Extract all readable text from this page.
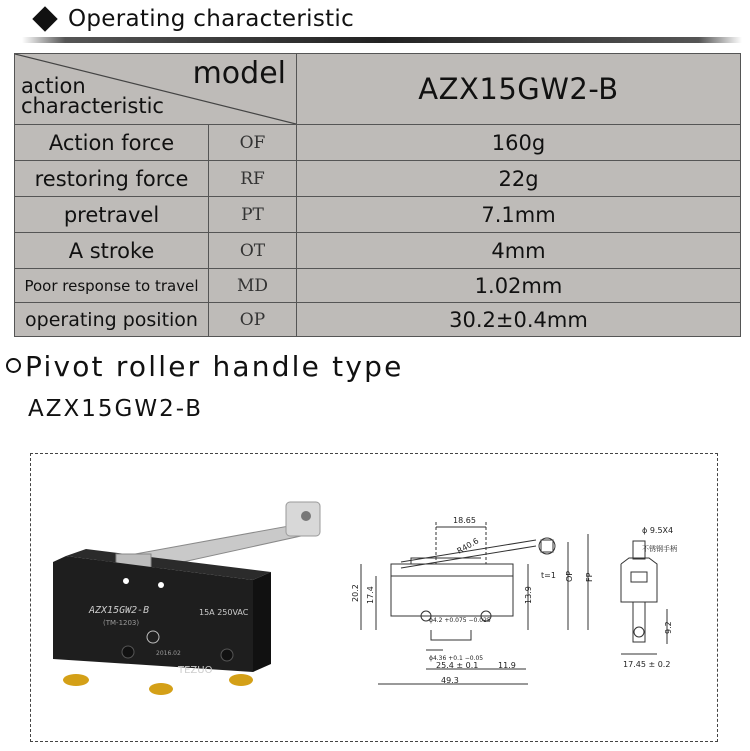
Operating characteristic
model
action
characteristic		AZX15GW2-B
Action force	OF	160g
restoring force	RF	22g
pretravel	PT	7.1mm
A stroke	OT	4mm
Poor response to travel	MD	1.02mm
operating position	OP	30.2±0.4mm
Pivot roller handle type
AZX15GW2-B
AZX15GW2-B
(TM-1203)
15A 250VAC
2016.02
TEZUO
18.65
R40.6
t=1
20.2 17.4	13.9
OP FP
ϕ4.2 +0.075 −0.025
ϕ4.36 +0.1 −0.05
25.4 ± 0.1 11.9
49.3
ϕ 9.5X4
不锈钢手柄
9.2
17.45 ± 0.2
